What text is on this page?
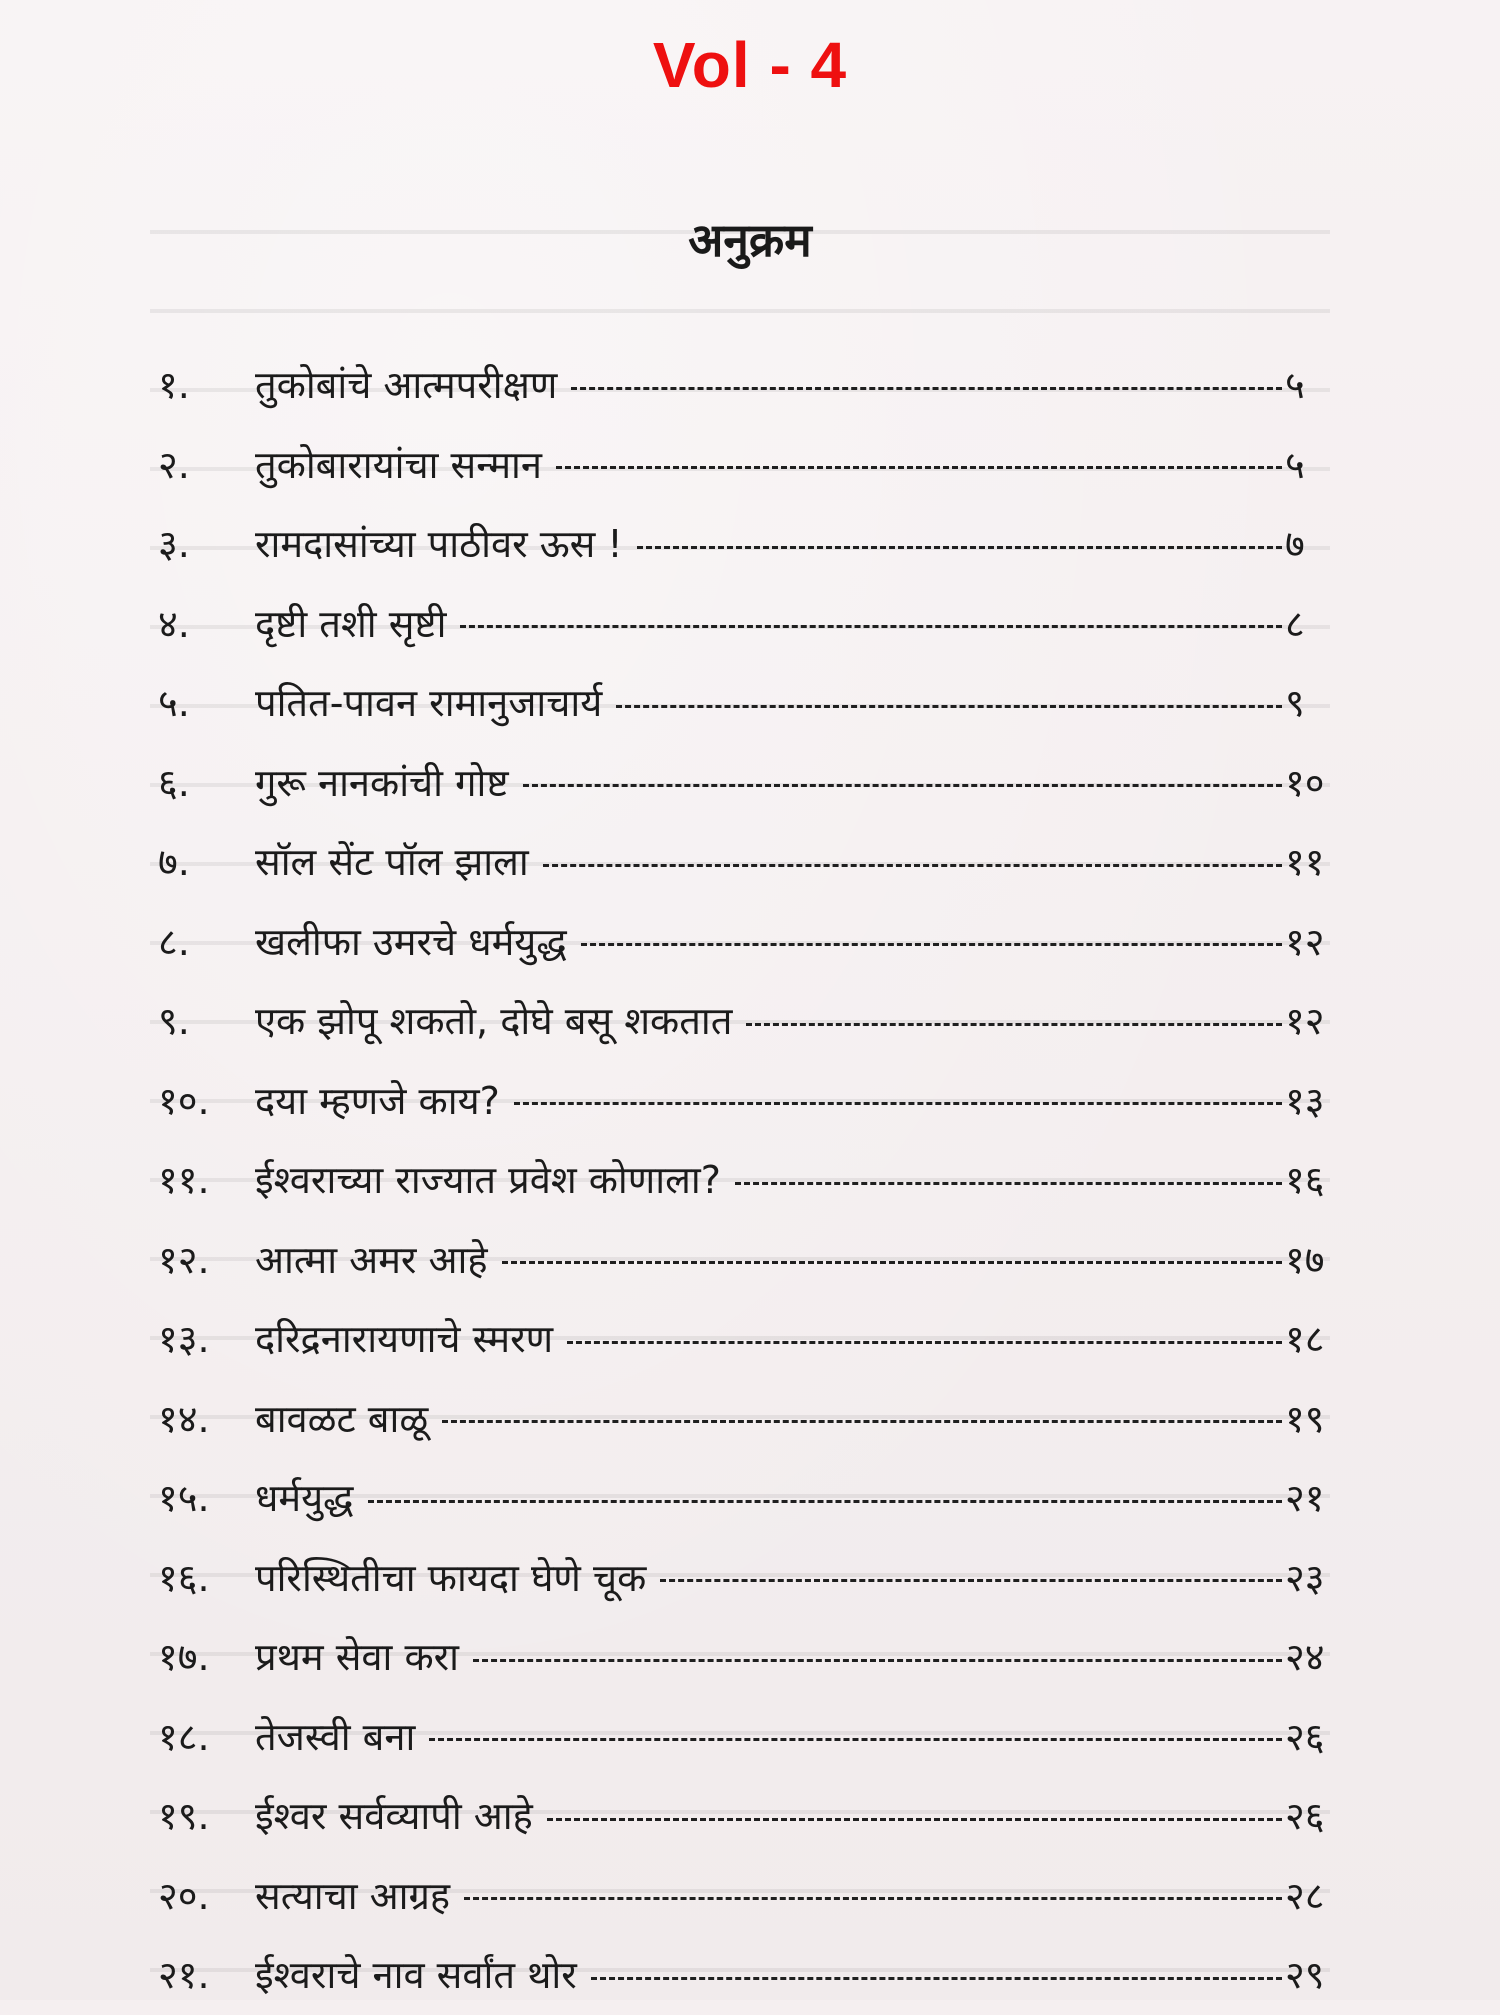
Vol - 4
अनुक्रम
१. तुकोबांचे आत्मपरीक्षण	५
२. तुकोबारायांचा सन्मान	५
३. रामदासांच्या पाठीवर ऊस !	७
४. दृष्टी तशी सृष्टी	८
५. पतित-पावन रामानुजाचार्य	९
६. गुरू नानकांची गोष्ट	१०
७. सॉल सेंट पॉल झाला	११
८. खलीफा उमरचे धर्मयुद्ध	१२
९. एक झोपू शकतो, दोघे बसू शकतात	१२
१०. दया म्हणजे काय?	१३
११. ईश्वराच्या राज्यात प्रवेश कोणाला?	१६
१२. आत्मा अमर आहे	१७
१३. दरिद्रनारायणाचे स्मरण	१८
१४. बावळट बाळू	१९
१५. धर्मयुद्ध	२१
१६. परिस्थितीचा फायदा घेणे चूक	२३
१७. प्रथम सेवा करा	२४
१८. तेजस्वी बना	२६
१९. ईश्वर सर्वव्यापी आहे	२६
२०. सत्याचा आग्रह	२८
२१. ईश्वराचे नाव सर्वांत थोर	२९
